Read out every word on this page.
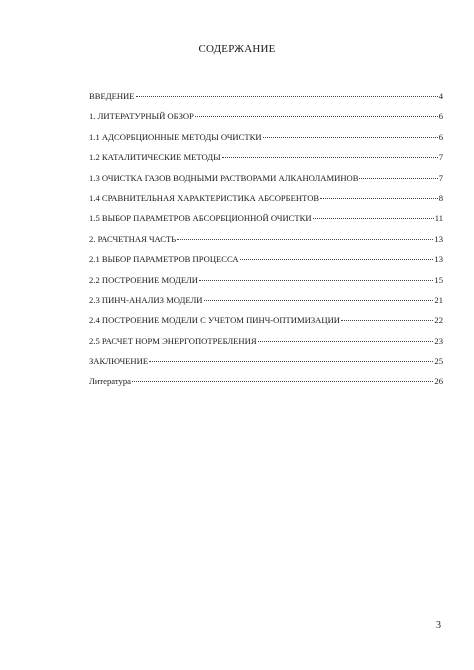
СОДЕРЖАНИЕ
ВВЕДЕНИЕ	4
1. ЛИТЕРАТУРНЫЙ ОБЗОР	6
1.1 АДСОРБЦИОННЫЕ МЕТОДЫ ОЧИСТКИ	6
1.2 КАТАЛИТИЧЕСКИЕ МЕТОДЫ	7
1.3 ОЧИСТКА ГАЗОВ ВОДНЫМИ РАСТВОРАМИ АЛКАНОЛАМИНОВ	7
1.4 СРАВНИТЕЛЬНАЯ ХАРАКТЕРИСТИКА АБСОРБЕНТОВ	8
1.5 ВЫБОР ПАРАМЕТРОВ АБСОРБЦИОННОЙ ОЧИСТКИ	11
2. РАСЧЕТНАЯ ЧАСТЬ	13
2.1 ВЫБОР ПАРАМЕТРОВ ПРОЦЕССА	13
2.2 ПОСТРОЕНИЕ МОДЕЛИ	15
2.3 ПИНЧ-АНАЛИЗ МОДЕЛИ	21
2.4 ПОСТРОЕНИЕ МОДЕЛИ С УЧЕТОМ ПИНЧ-ОПТИМИЗАЦИИ	22
2.5 РАСЧЕТ НОРМ ЭНЕРГОПОТРЕБЛЕНИЯ	23
ЗАКЛЮЧЕНИЕ	25
Литература	26
3
